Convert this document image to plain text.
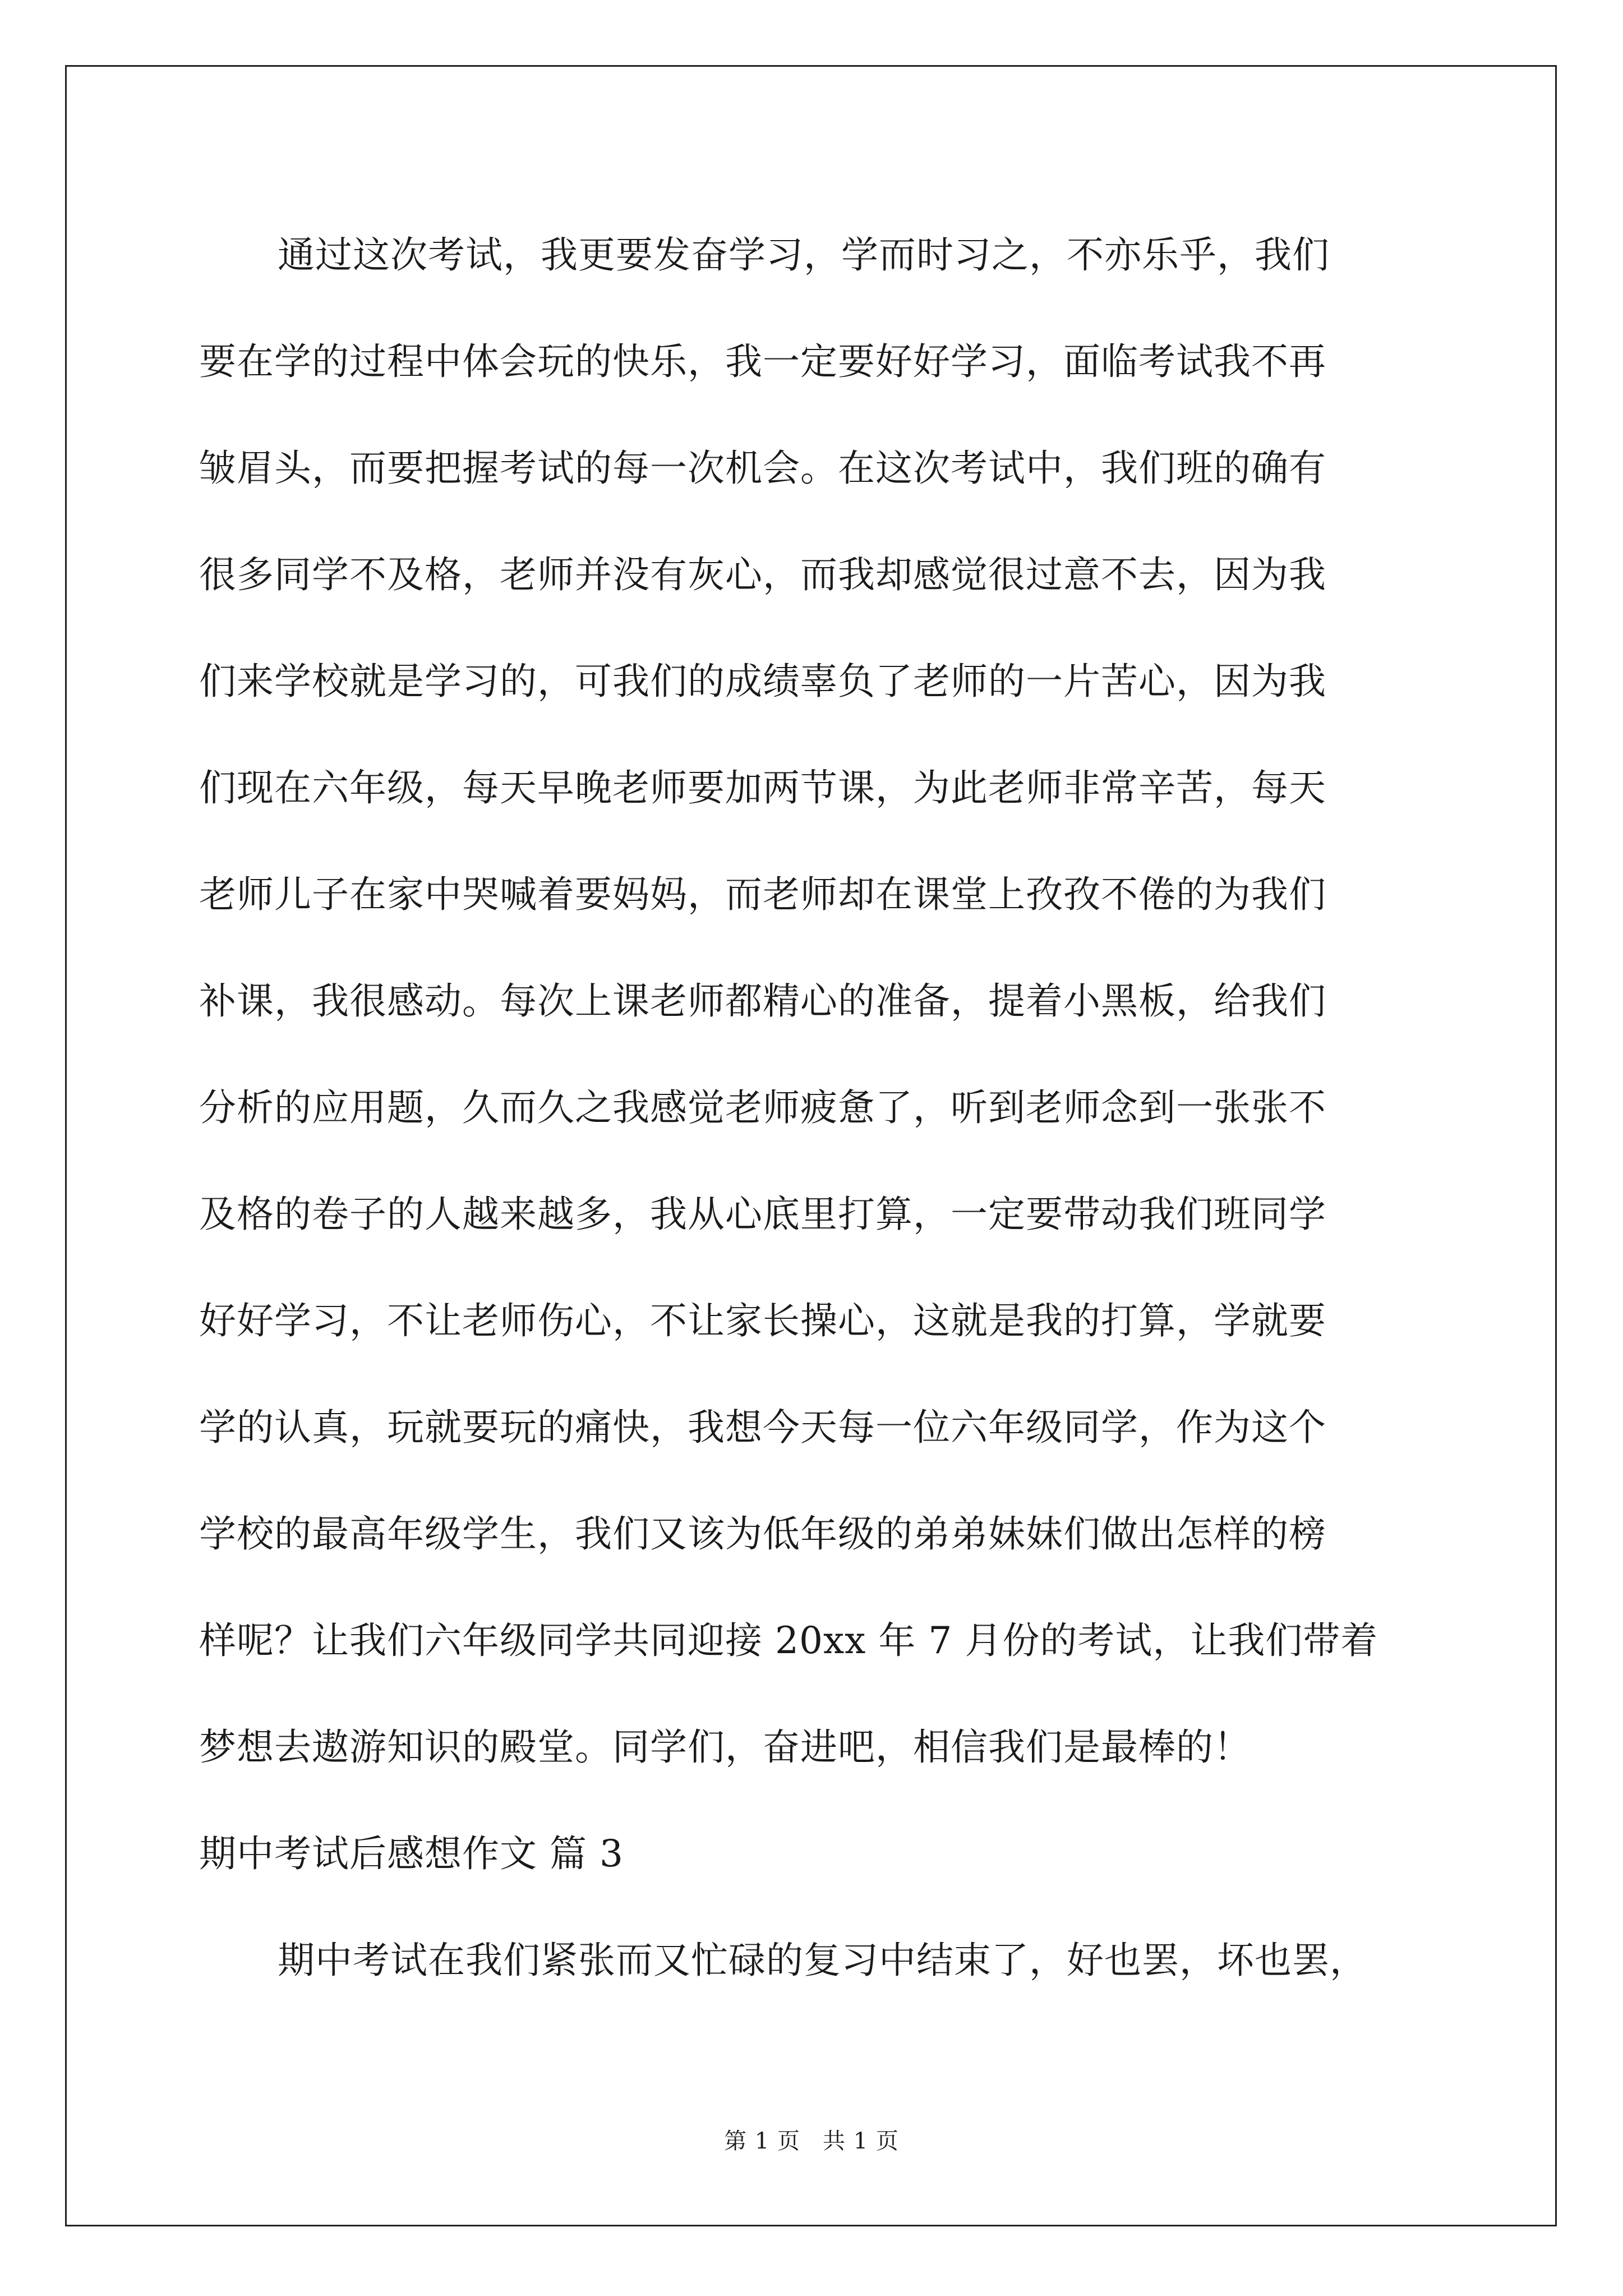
通过这次考试，我更要发奋学习，学而时习之，不亦乐乎，我们
要在学的过程中体会玩的快乐，我一定要好好学习，面临考试我不再
皱眉头，而要把握考试的每一次机会。在这次考试中，我们班的确有
很多同学不及格，老师并没有灰心，而我却感觉很过意不去，因为我
们来学校就是学习的，可我们的成绩辜负了老师的一片苦心，因为我
们现在六年级，每天早晚老师要加两节课，为此老师非常辛苦，每天
老师儿子在家中哭喊着要妈妈，而老师却在课堂上孜孜不倦的为我们
补课，我很感动。每次上课老师都精心的准备，提着小黑板，给我们
分析的应用题，久而久之我感觉老师疲惫了，听到老师念到一张张不
及格的卷子的人越来越多，我从心底里打算，一定要带动我们班同学
好好学习，不让老师伤心，不让家长操心，这就是我的打算，学就要
学的认真，玩就要玩的痛快，我想今天每一位六年级同学，作为这个
学校的最高年级学生，我们又该为低年级的弟弟妹妹们做出怎样的榜
样呢？让我们六年级同学共同迎接 20xx 年 7 月份的考试，让我们带着
梦想去遨游知识的殿堂。同学们，奋进吧，相信我们是最棒的！
期中考试后感想作文 篇 3
期中考试在我们紧张而又忙碌的复习中结束了，好也罢，坏也罢，
第 1 页 共 1 页
